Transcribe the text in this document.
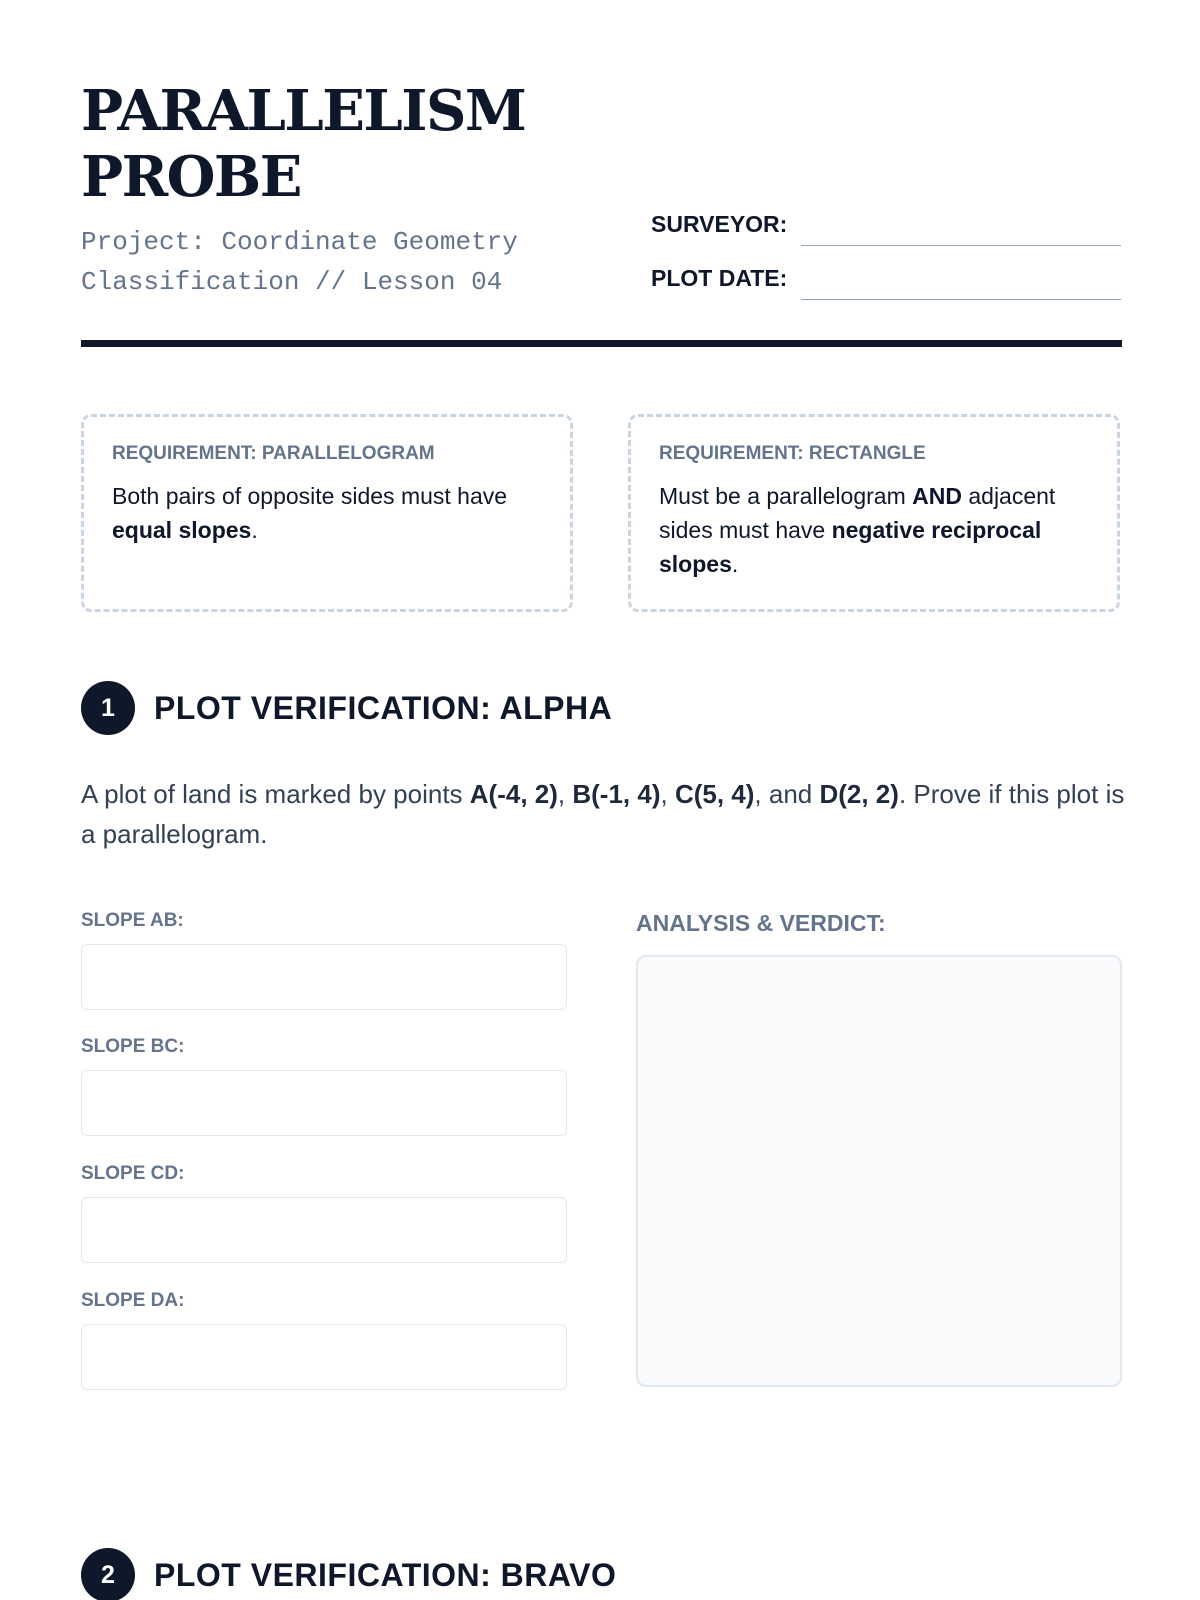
PARALLELISM
PROBE

Project: Coordinate Geometry
Classification // Lesson 04

SURVEYOR:
PLOT DATE:

REQUIREMENT: PARALLELOGRAM

Both pairs of opposite sides must have equal slopes.

REQUIREMENT: RECTANGLE

Must be a parallelogram AND adjacent sides must have negative reciprocal slopes.

1	PLOT VERIFICATION: ALPHA

A plot of land is marked by points A(-4, 2), B(-1, 4), C(5, 4), and D(2, 2). Prove if this plot is a parallelogram.

SLOPE AB:

SLOPE BC:

SLOPE CD:

SLOPE DA:

ANALYSIS & VERDICT:
2	PLOT VERIFICATION: BRAVO
